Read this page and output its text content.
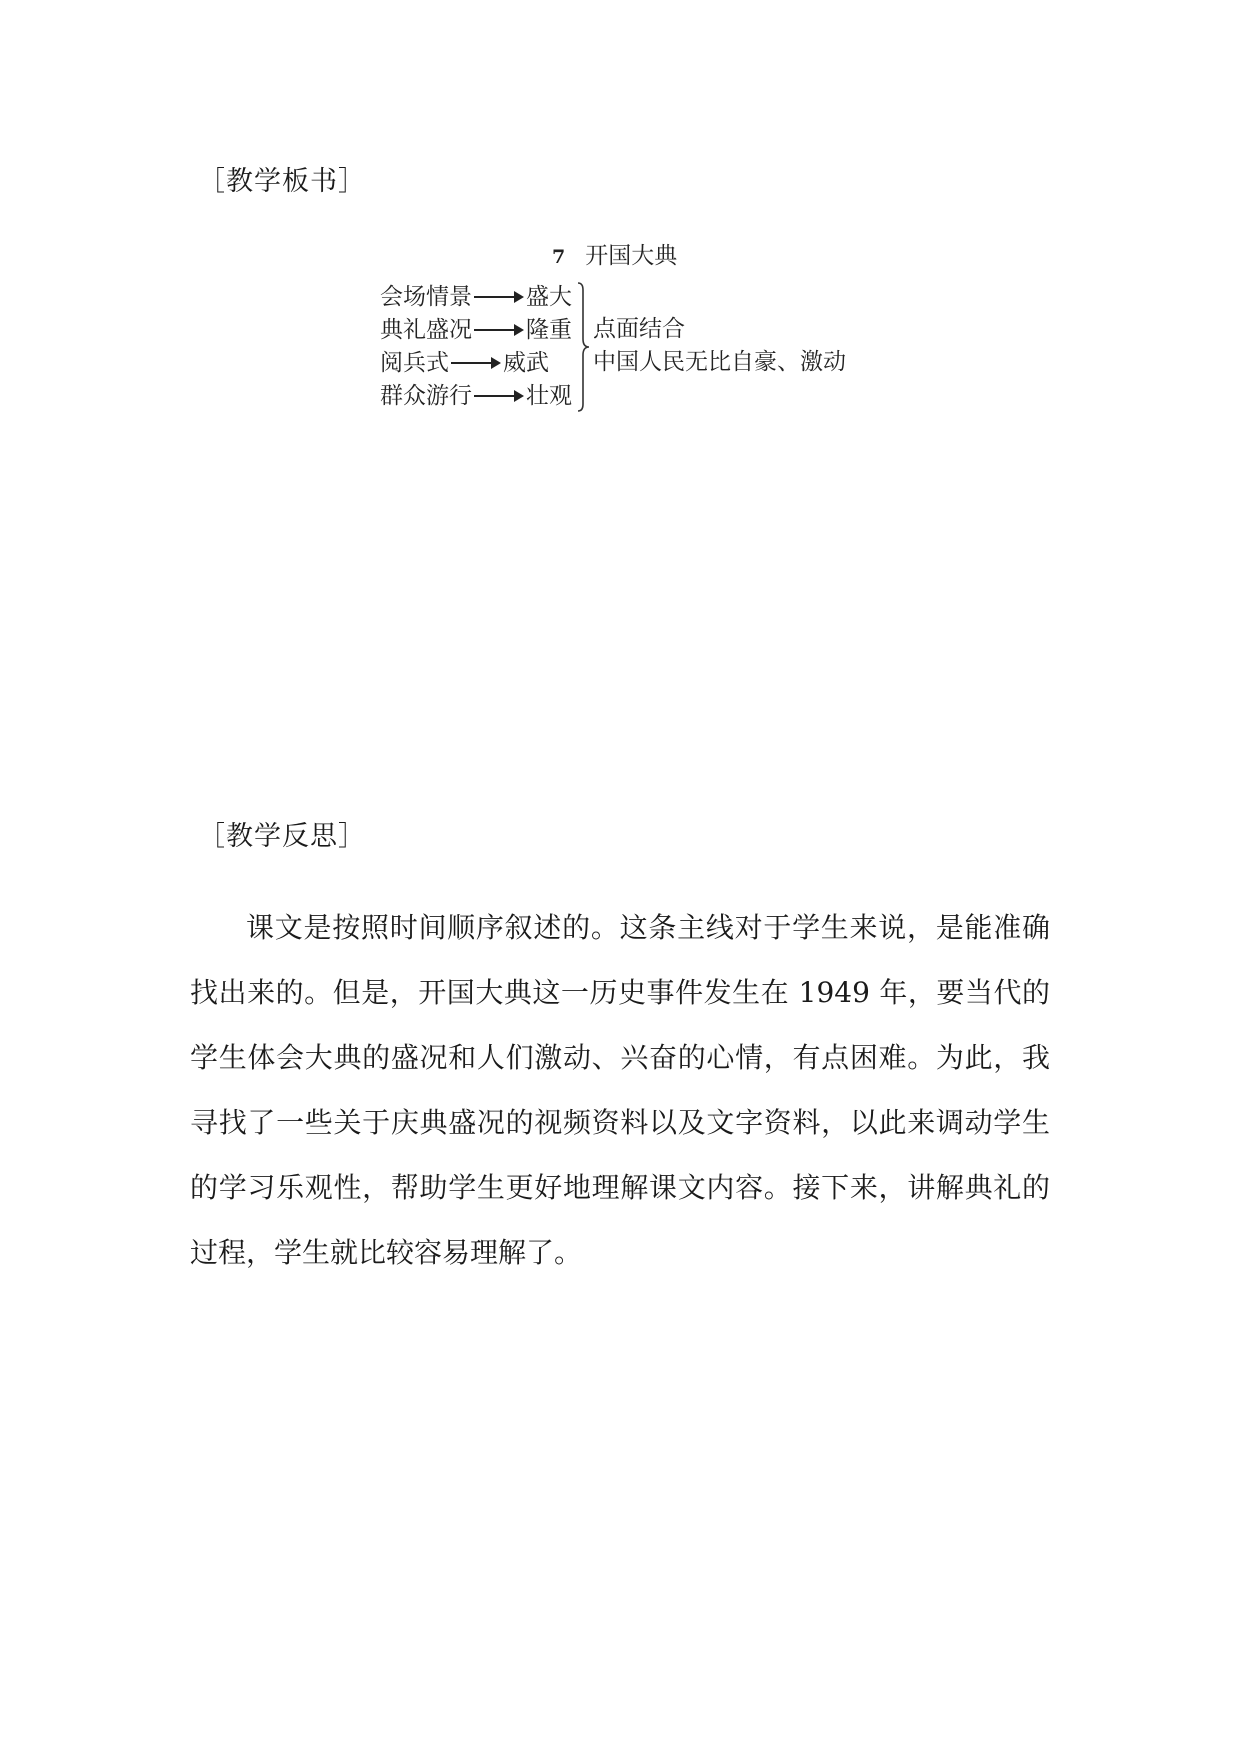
［教学板书］
7 开国大典
会场情景 盛大
典礼盛况 隆重
阅兵式 威武
群众游行 壮观
点面结合
中国人民无比自豪、激动
［教学反思］

课文是按照时间顺序叙述的。这条主线对于学生来说，是能准确找出来的。但是，开国大典这一历史事件发生在 1949 年，要当代的学生体会大典的盛况和人们激动、兴奋的心情，有点困难。为此，我寻找了一些关于庆典盛况的视频资料以及文字资料，以此来调动学生的学习乐观性，帮助学生更好地理解课文内容。接下来，讲解典礼的过程，学生就比较容易理解了。
